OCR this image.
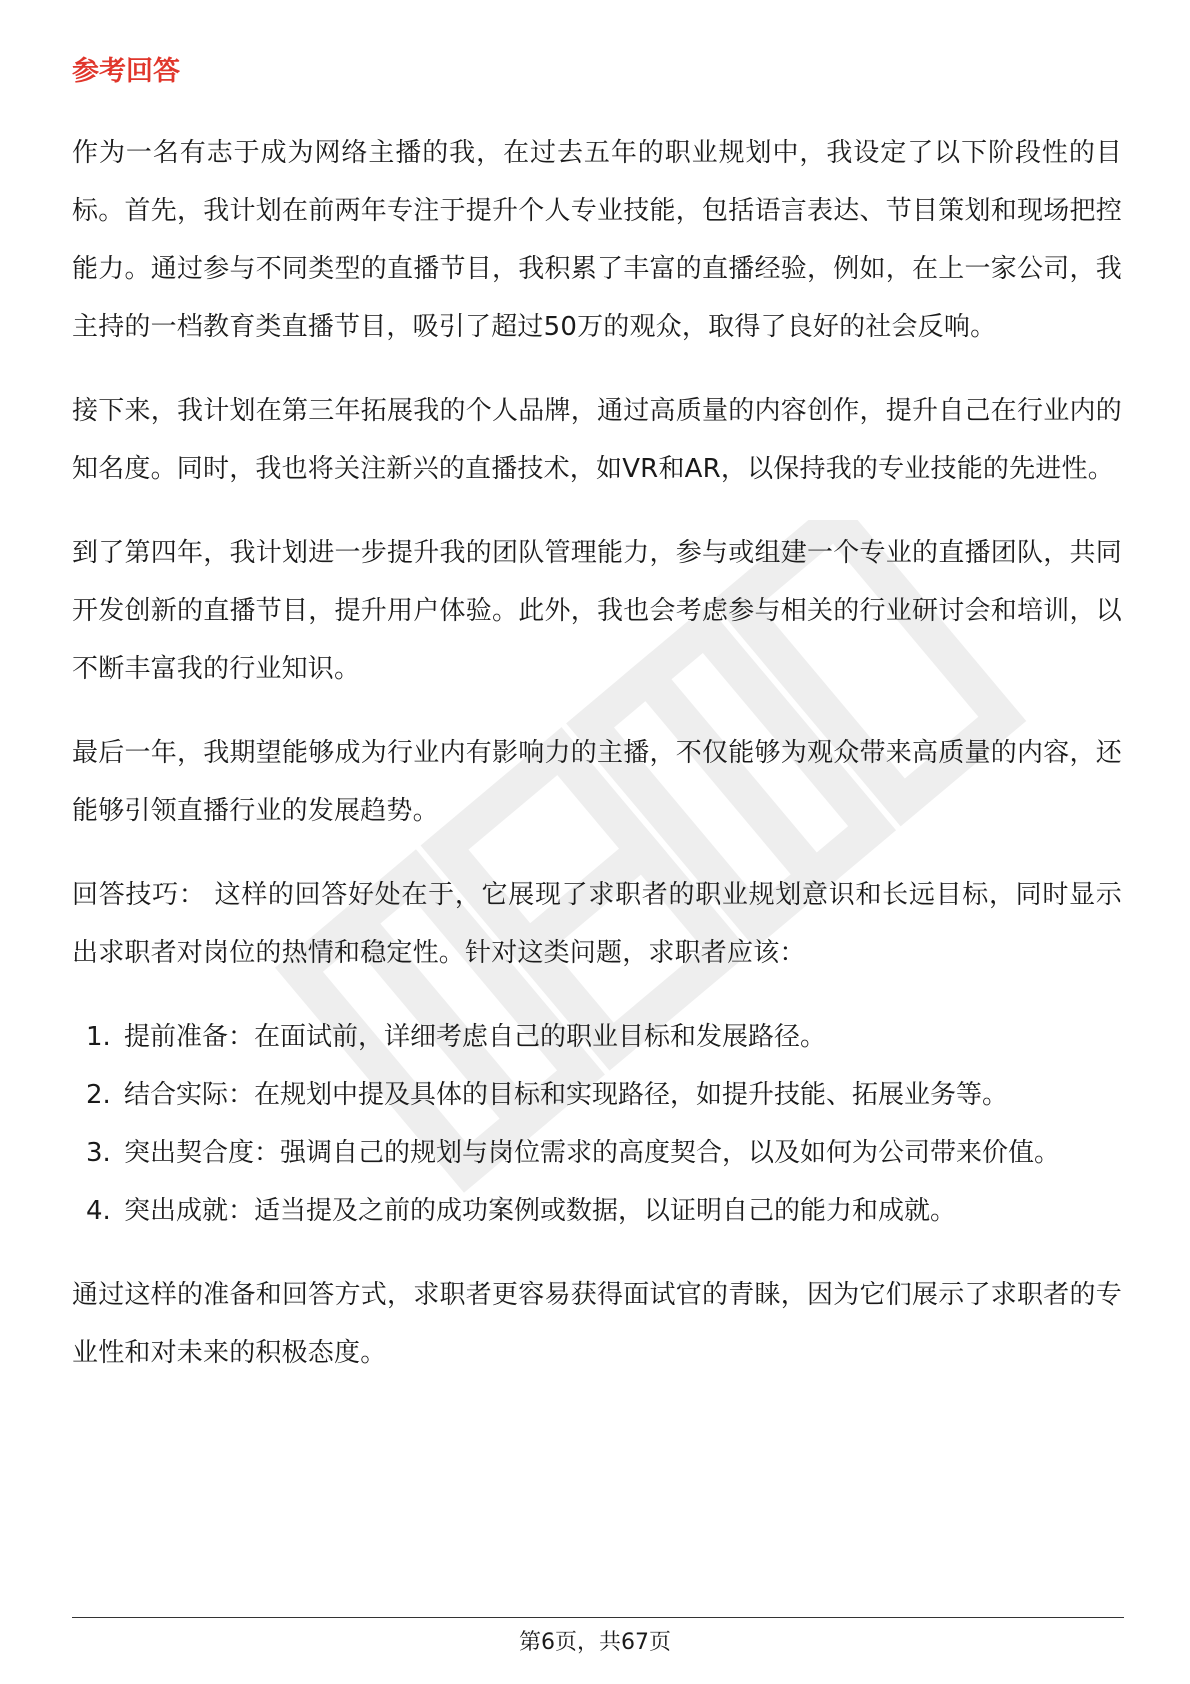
参考回答

作为一名有志于成为网络主播的我，在过去五年的职业规划中，我设定了以下阶段性的目标。首先，我计划在前两年专注于提升个人专业技能，包括语言表达、节目策划和现场把控能力。通过参与不同类型的直播节目，我积累了丰富的直播经验，例如，在上一家公司，我主持的一档教育类直播节目，吸引了超过50万的观众，取得了良好的社会反响。

接下来，我计划在第三年拓展我的个人品牌，通过高质量的内容创作，提升自己在行业内的知名度。同时，我也将关注新兴的直播技术，如VR和AR，以保持我的专业技能的先进性。

到了第四年，我计划进一步提升我的团队管理能力，参与或组建一个专业的直播团队，共同开发创新的直播节目，提升用户体验。此外，我也会考虑参与相关的行业研讨会和培训，以不断丰富我的行业知识。

最后一年，我期望能够成为行业内有影响力的主播，不仅能够为观众带来高质量的内容，还能够引领直播行业的发展趋势。

回答技巧： 这样的回答好处在于，它展现了求职者的职业规划意识和长远目标，同时显示出求职者对岗位的热情和稳定性。针对这类问题，求职者应该：

1. 提前准备：在面试前，详细考虑自己的职业目标和发展路径。
2. 结合实际：在规划中提及具体的目标和实现路径，如提升技能、拓展业务等。
3. 突出契合度：强调自己的规划与岗位需求的高度契合，以及如何为公司带来价值。
4. 突出成就：适当提及之前的成功案例或数据，以证明自己的能力和成就。

通过这样的准备和回答方式，求职者更容易获得面试官的青睐，因为它们展示了求职者的专业性和对未来的积极态度。

第6页，共67页
